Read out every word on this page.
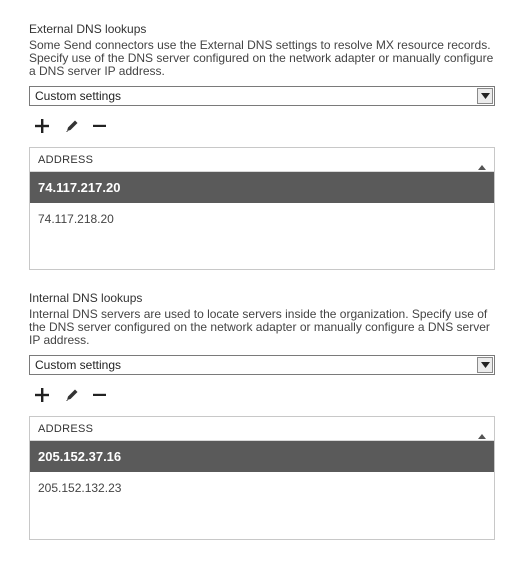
External DNS lookups

Some Send connectors use the External DNS settings to resolve MX resource records. Specify use of the DNS server configured on the network adapter or manually configure a DNS server IP address.

Custom settings
ADDRESS
74.117.217.20
74.117.218.20

Internal DNS lookups

Internal DNS servers are used to locate servers inside the organization. Specify use of the DNS server configured on the network adapter or manually configure a DNS server IP address.

Custom settings
ADDRESS
205.152.37.16
205.152.132.23
